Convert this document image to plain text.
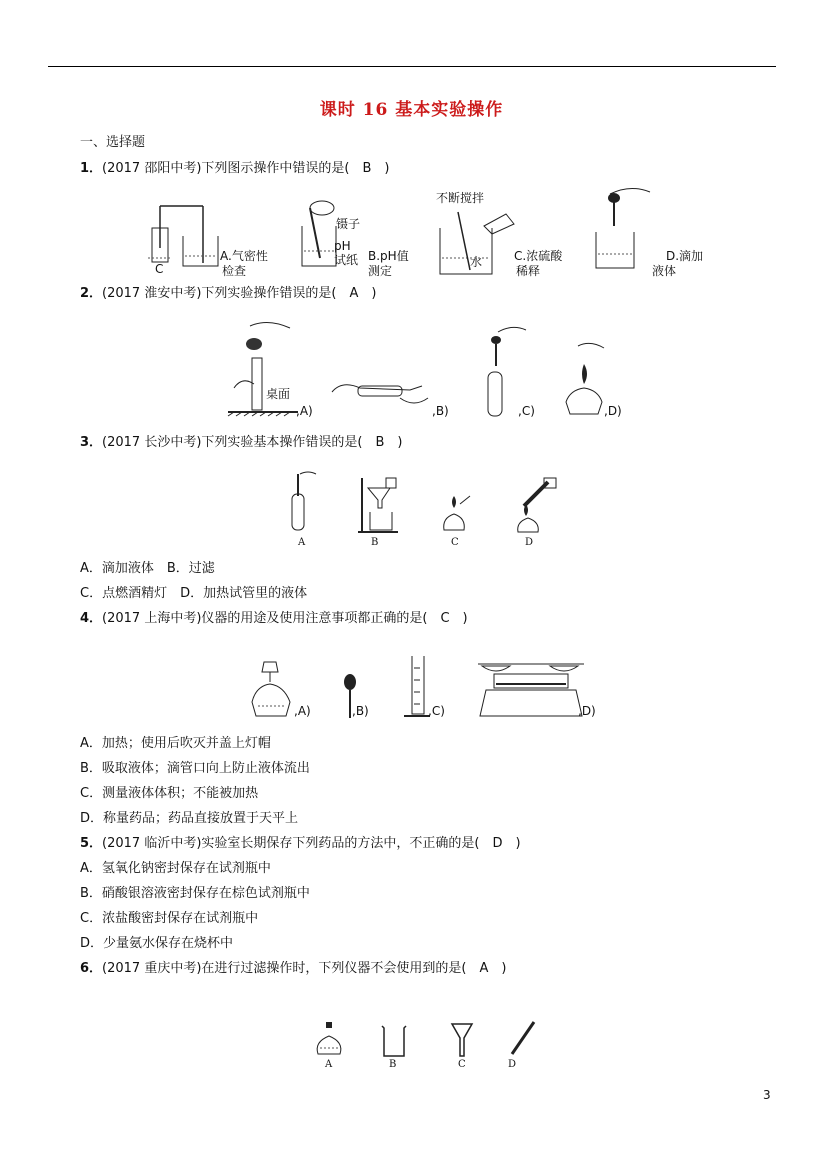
课时 16 基本实验操作
一、选择题
1．(2017 邵阳中考)下列图示操作中错误的是(　B　)
C
A.气密性
检查
镊子
pH
试纸 B.pH值
测定
不断搅拌
水	C.浓硫酸
稀释
D.滴加
液体
2．(2017 淮安中考)下列实验操作错误的是(　A　)
桌面
,A)	,B)	,C)	,D)
3．(2017 长沙中考)下列实验基本操作错误的是(　B　)
A	B	C	D
A．滴加液体　B．过滤
C．点燃酒精灯　D．加热试管里的液体
4．(2017 上海中考)仪器的用途及使用注意事项都正确的是(　C　)
,A)	,B)	,C)	,D)
A．加热；使用后吹灭并盖上灯帽
B．吸取液体；滴管口向上防止液体流出
C．测量液体体积；不能被加热
D．称量药品；药品直接放置于天平上
5．(2017 临沂中考)实验室长期保存下列药品的方法中，不正确的是(　D　)
A．氢氧化钠密封保存在试剂瓶中
B．硝酸银溶液密封保存在棕色试剂瓶中
C．浓盐酸密封保存在试剂瓶中
D．少量氨水保存在烧杯中
6．(2017 重庆中考)在进行过滤操作时，下列仪器不会使用到的是(　A　)
A	B	C	D
3
